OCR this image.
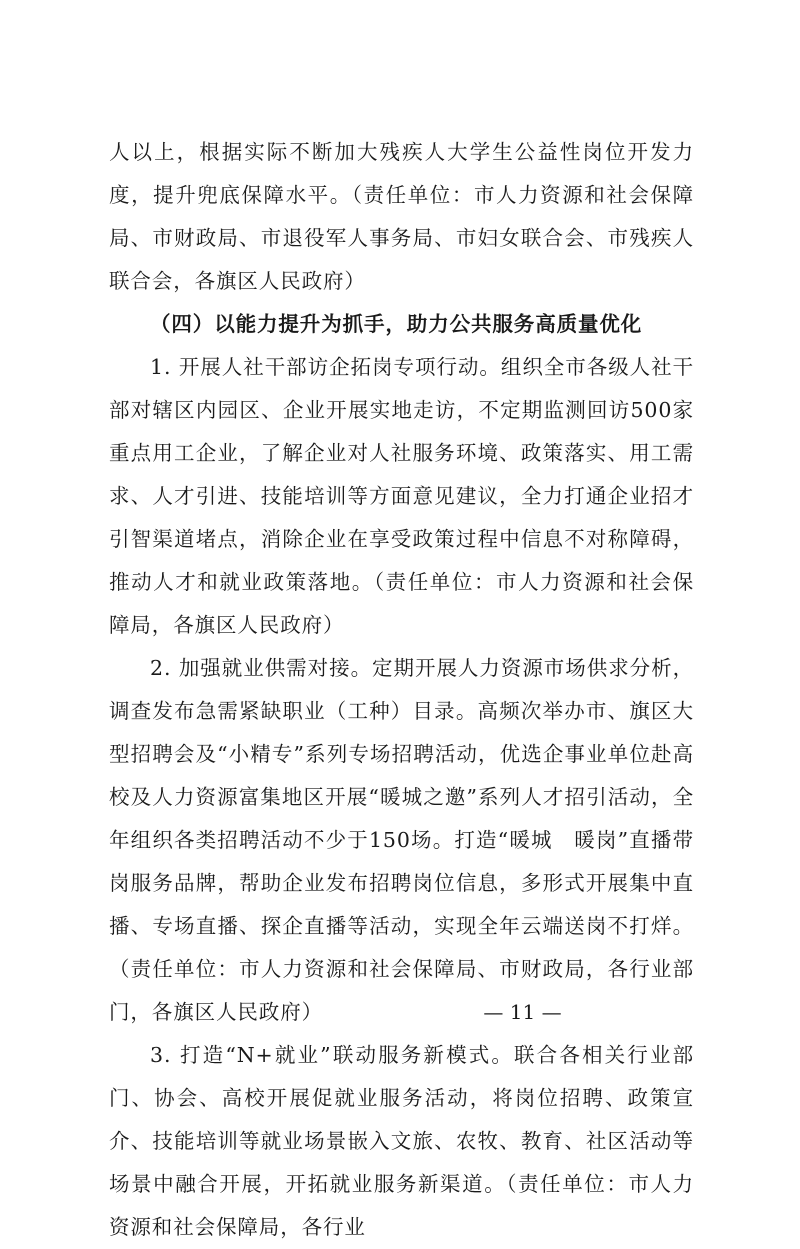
人以上，根据实际不断加大残疾人大学生公益性岗位开发力度，提升兜底保障水平。（责任单位：市人力资源和社会保障局、市财政局、市退役军人事务局、市妇女联合会、市残疾人联合会，各旗区人民政府）

（四）以能力提升为抓手，助力公共服务高质量优化

1. 开展人社干部访企拓岗专项行动。组织全市各级人社干部对辖区内园区、企业开展实地走访，不定期监测回访500家重点用工企业，了解企业对人社服务环境、政策落实、用工需求、人才引进、技能培训等方面意见建议，全力打通企业招才引智渠道堵点，消除企业在享受政策过程中信息不对称障碍，推动人才和就业政策落地。（责任单位：市人力资源和社会保障局，各旗区人民政府）

2. 加强就业供需对接。定期开展人力资源市场供求分析，调查发布急需紧缺职业（工种）目录。高频次举办市、旗区大型招聘会及“小精专”系列专场招聘活动，优选企事业单位赴高校及人力资源富集地区开展“暖城之邀”系列人才招引活动，全年组织各类招聘活动不少于150场。打造“暖城　暖岗”直播带岗服务品牌，帮助企业发布招聘岗位信息，多形式开展集中直播、专场直播、探企直播等活动，实现全年云端送岗不打烊。（责任单位：市人力资源和社会保障局、市财政局，各行业部门，各旗区人民政府）

3. 打造“N+就业”联动服务新模式。联合各相关行业部门、协会、高校开展促就业服务活动，将岗位招聘、政策宣介、技能培训等就业场景嵌入文旅、农牧、教育、社区活动等场景中融合开展，开拓就业服务新渠道。（责任单位：市人力资源和社会保障局，各行业

— 11 —
